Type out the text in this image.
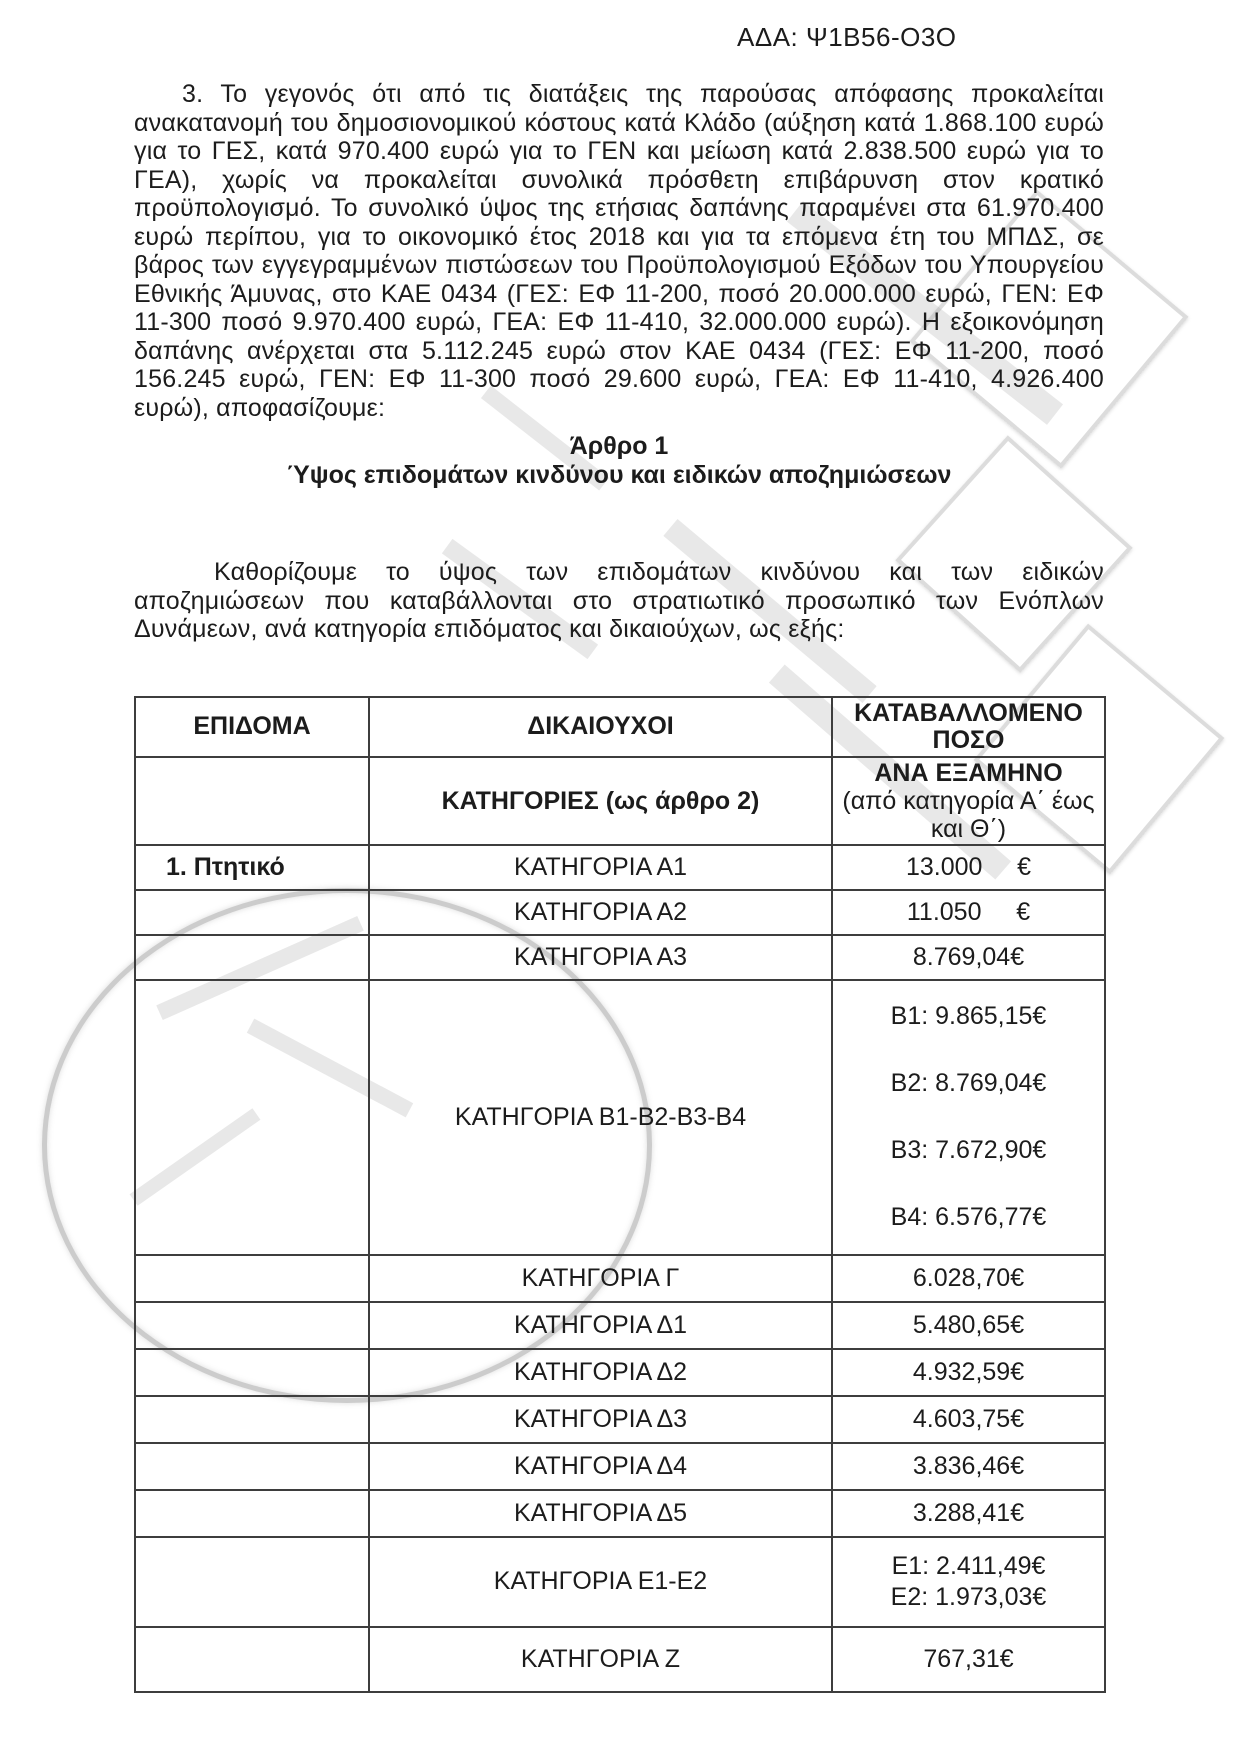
ΑΔΑ: Ψ1Β56-Ο3Ο

3. Το γεγονός ότι από τις διατάξεις της παρούσας απόφασης προκαλείται ανακατανομή του δημοσιονομικού κόστους κατά Κλάδο (αύξηση κατά 1.868.100 ευρώ για το ΓΕΣ, κατά 970.400 ευρώ για το ΓΕΝ και μείωση κατά 2.838.500 ευρώ για το ΓΕΑ), χωρίς να προκαλείται συνολικά πρόσθετη επιβάρυνση στον κρατικό προϋπολογισμό. Το συνολικό ύψος της ετήσιας δαπάνης παραμένει στα 61.970.400 ευρώ περίπου, για το οικονομικό έτος 2018 και για τα επόμενα έτη του ΜΠΔΣ, σε βάρος των εγγεγραμμένων πιστώσεων του Προϋπολογισμού Εξόδων του Υπουργείου Εθνικής Άμυνας, στο ΚΑΕ 0434 (ΓΕΣ: ΕΦ 11-200, ποσό 20.000.000 ευρώ, ΓΕΝ: ΕΦ 11-300 ποσό 9.970.400 ευρώ, ΓΕΑ: ΕΦ 11-410, 32.000.000 ευρώ). Η εξοικονόμηση δαπάνης ανέρχεται στα 5.112.245 ευρώ στον ΚΑΕ 0434 (ΓΕΣ: ΕΦ 11-200, ποσό 156.245 ευρώ, ΓΕΝ: ΕΦ 11-300 ποσό 29.600 ευρώ, ΓΕΑ: ΕΦ 11-410, 4.926.400 ευρώ), αποφασίζουμε:

Άρθρο 1
Ύψος επιδομάτων κινδύνου και ειδικών αποζημιώσεων

Καθορίζουμε το ύψος των επιδομάτων κινδύνου και των ειδικών αποζημιώσεων που καταβάλλονται στο στρατιωτικό προσωπικό των Ενόπλων Δυνάμεων, ανά κατηγορία επιδόματος και δικαιούχων, ως εξής:

ΕΠΙΔΟΜΑ	ΔΙΚΑΙΟΥΧΟΙ	ΚΑΤΑΒΑΛΛΟΜΕΝΟ ΠΟΣΟ
	ΚΑΤΗΓΟΡΙΕΣ (ως άρθρο 2)	ΑΝΑ ΕΞΑΜΗΝΟ
(από κατηγορία Α΄ έως και Θ΄)

1. Πτητικό	ΚΑΤΗΓΟΡΙΑ Α1	13.000     €

	ΚΑΤΗΓΟΡΙΑ Α2	11.050     €

	ΚΑΤΗΓΟΡΙΑ Α3	8.769,04€

	ΚΑΤΗΓΟΡΙΑ Β1-Β2-Β3-Β4	Β1: 9.865,15€
Β2: 8.769,04€
Β3: 7.672,90€
Β4: 6.576,77€

	ΚΑΤΗΓΟΡΙΑ Γ	6.028,70€

	ΚΑΤΗΓΟΡΙΑ Δ1	5.480,65€

	ΚΑΤΗΓΟΡΙΑ Δ2	4.932,59€

	ΚΑΤΗΓΟΡΙΑ Δ3	4.603,75€

	ΚΑΤΗΓΟΡΙΑ Δ4	3.836,46€

	ΚΑΤΗΓΟΡΙΑ Δ5	3.288,41€

	ΚΑΤΗΓΟΡΙΑ Ε1-Ε2	Ε1: 2.411,49€
Ε2: 1.973,03€

	ΚΑΤΗΓΟΡΙΑ Ζ	767,31€
